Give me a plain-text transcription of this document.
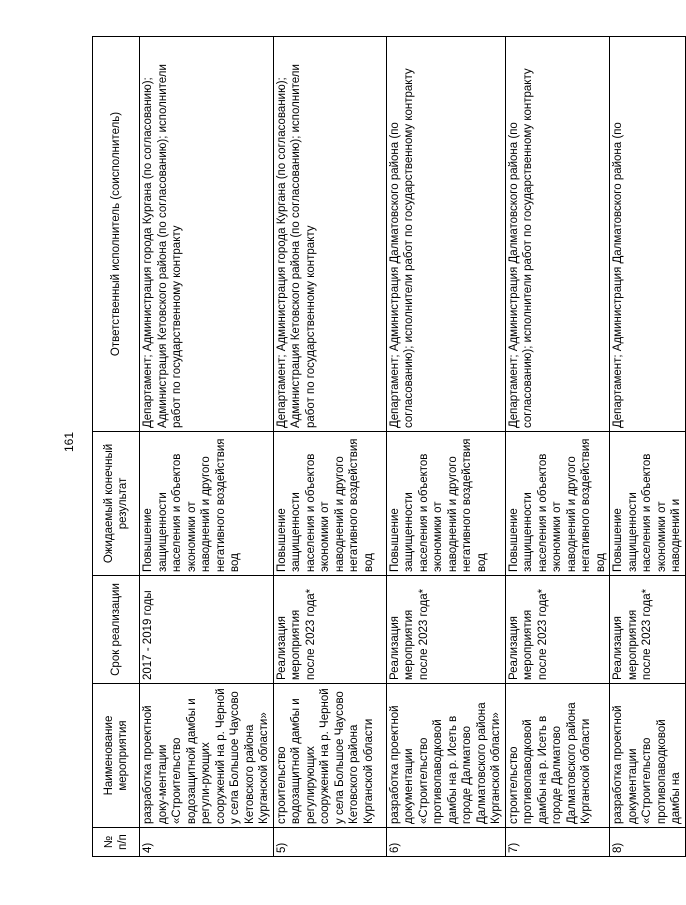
161
№ п/п	Наименование мероприятия	Срок реализации	Ожидаемый конечный результат	Ответственный исполнитель (соисполнитель)
4)	разработка проектной доку-ментации «Строительство водозащитной дамбы и регули-рующих сооружений на р. Черной у села Большое Чаусово Кетовского района Курганской области»	2017 - 2019 годы	Повышение защищенности населения и объектов экономики от наводнений и другого негативного воздействия вод	Департамент; Администрация города Кургана (по согласованию); Администрация Кетовского района (по согласованию); исполнители работ по государственному контракту
5)	строительство водозащитной дамбы и регулирующих сооружений на р. Черной у села Большое Чаусово Кетовского района Курганской области	Реализация мероприятия после 2023 года*	Повышение защищенности населения и объектов экономики от наводнений и другого негативного воздействия вод	Департамент; Администрация города Кургана (по согласованию); Администрация Кетовского района (по согласованию); исполнители работ по государственному контракту
6)	разработка проектной документации «Строительство противопаводковой дамбы на р. Исеть в городе Далматово Далматовского района Курганской области»	Реализация мероприятия после 2023 года*	Повышение защищенности населения и объектов экономики от наводнений и другого негативного воздействия вод	Департамент; Администрация Далматовского района (по согласованию); исполнители работ по государственному контракту
7)	строительство противопаводковой дамбы на р. Исеть в городе Далматово Далматовского района Курганской области	Реализация мероприятия после 2023 года*	Повышение защищенности населения и объектов экономики от наводнений и другого негативного воздействия вод	Департамент; Администрация Далматовского района (по согласованию); исполнители работ по государственному контракту
8)	разработка проектной документации «Строительство противопаводковой дамбы на	Реализация мероприятия после 2023 года*	Повышение защищенности населения и объектов экономики от наводнений и	Департамент; Администрация Далматовского района (по
